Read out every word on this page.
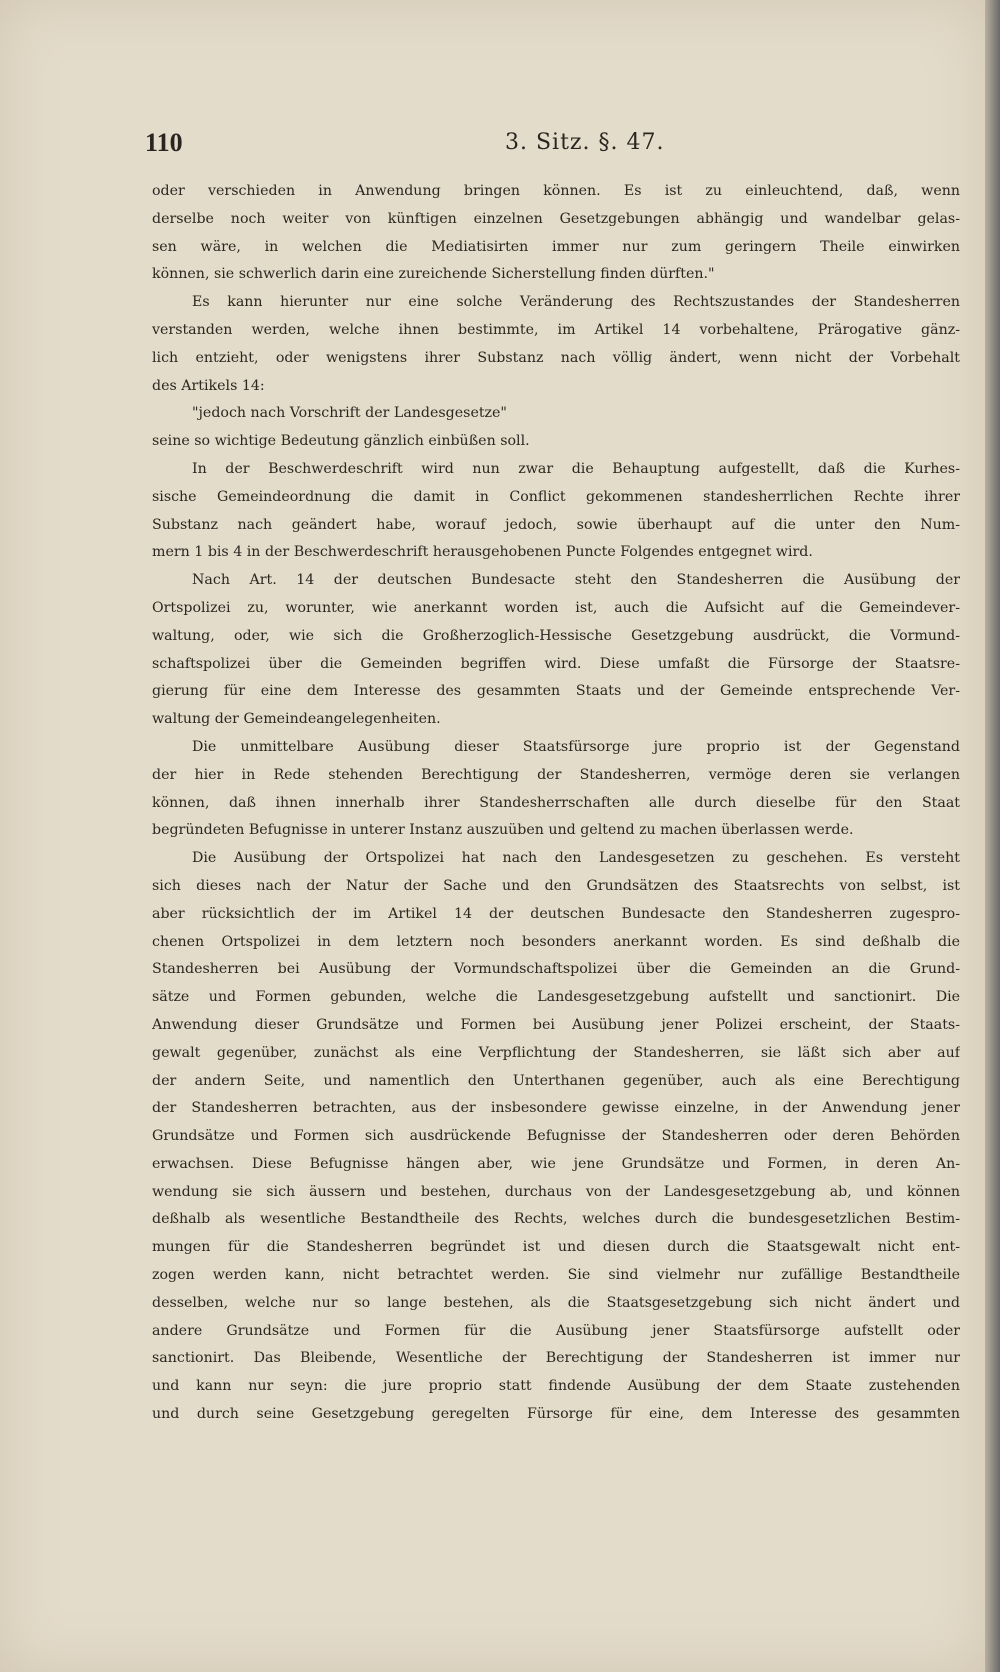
110	3. Sitz. §. 47.
oder verschieden in Anwendung bringen können. Es ist zu einleuchtend, daß, wenn
derselbe noch weiter von künftigen einzelnen Gesetzgebungen abhängig und wandelbar gelas-
sen wäre, in welchen die Mediatisirten immer nur zum geringern Theile einwirken
können, sie schwerlich darin eine zureichende Sicherstellung finden dürften."
Es kann hierunter nur eine solche Veränderung des Rechtszustandes der Standesherren
verstanden werden, welche ihnen bestimmte, im Artikel 14 vorbehaltene, Prärogative gänz-
lich entzieht, oder wenigstens ihrer Substanz nach völlig ändert, wenn nicht der Vorbehalt
des Artikels 14:
"jedoch nach Vorschrift der Landesgesetze"
seine so wichtige Bedeutung gänzlich einbüßen soll.
In der Beschwerdeschrift wird nun zwar die Behauptung aufgestellt, daß die Kurhes-
sische Gemeindeordnung die damit in Conflict gekommenen standesherrlichen Rechte ihrer
Substanz nach geändert habe, worauf jedoch, sowie überhaupt auf die unter den Num-
mern 1 bis 4 in der Beschwerdeschrift herausgehobenen Puncte Folgendes entgegnet wird.
Nach Art. 14 der deutschen Bundesacte steht den Standesherren die Ausübung der
Ortspolizei zu, worunter, wie anerkannt worden ist, auch die Aufsicht auf die Gemeindever-
waltung, oder, wie sich die Großherzoglich-Hessische Gesetzgebung ausdrückt, die Vormund-
schaftspolizei über die Gemeinden begriffen wird. Diese umfaßt die Fürsorge der Staatsre-
gierung für eine dem Interesse des gesammten Staats und der Gemeinde entsprechende Ver-
waltung der Gemeindeangelegenheiten.
Die unmittelbare Ausübung dieser Staatsfürsorge jure proprio ist der Gegenstand
der hier in Rede stehenden Berechtigung der Standesherren, vermöge deren sie verlangen
können, daß ihnen innerhalb ihrer Standesherrschaften alle durch dieselbe für den Staat
begründeten Befugnisse in unterer Instanz auszuüben und geltend zu machen überlassen werde.
Die Ausübung der Ortspolizei hat nach den Landesgesetzen zu geschehen. Es versteht
sich dieses nach der Natur der Sache und den Grundsätzen des Staatsrechts von selbst, ist
aber rücksichtlich der im Artikel 14 der deutschen Bundesacte den Standesherren zugespro-
chenen Ortspolizei in dem letztern noch besonders anerkannt worden. Es sind deßhalb die
Standesherren bei Ausübung der Vormundschaftspolizei über die Gemeinden an die Grund-
sätze und Formen gebunden, welche die Landesgesetzgebung aufstellt und sanctionirt. Die
Anwendung dieser Grundsätze und Formen bei Ausübung jener Polizei erscheint, der Staats-
gewalt gegenüber, zunächst als eine Verpflichtung der Standesherren, sie läßt sich aber auf
der andern Seite, und namentlich den Unterthanen gegenüber, auch als eine Berechtigung
der Standesherren betrachten, aus der insbesondere gewisse einzelne, in der Anwendung jener
Grundsätze und Formen sich ausdrückende Befugnisse der Standesherren oder deren Behörden
erwachsen. Diese Befugnisse hängen aber, wie jene Grundsätze und Formen, in deren An-
wendung sie sich äussern und bestehen, durchaus von der Landesgesetzgebung ab, und können
deßhalb als wesentliche Bestandtheile des Rechts, welches durch die bundesgesetzlichen Bestim-
mungen für die Standesherren begründet ist und diesen durch die Staatsgewalt nicht ent-
zogen werden kann, nicht betrachtet werden. Sie sind vielmehr nur zufällige Bestandtheile
desselben, welche nur so lange bestehen, als die Staatsgesetzgebung sich nicht ändert und
andere Grundsätze und Formen für die Ausübung jener Staatsfürsorge aufstellt oder
sanctionirt. Das Bleibende, Wesentliche der Berechtigung der Standesherren ist immer nur
und kann nur seyn: die jure proprio statt findende Ausübung der dem Staate zustehenden
und durch seine Gesetzgebung geregelten Fürsorge für eine, dem Interesse des gesammten
